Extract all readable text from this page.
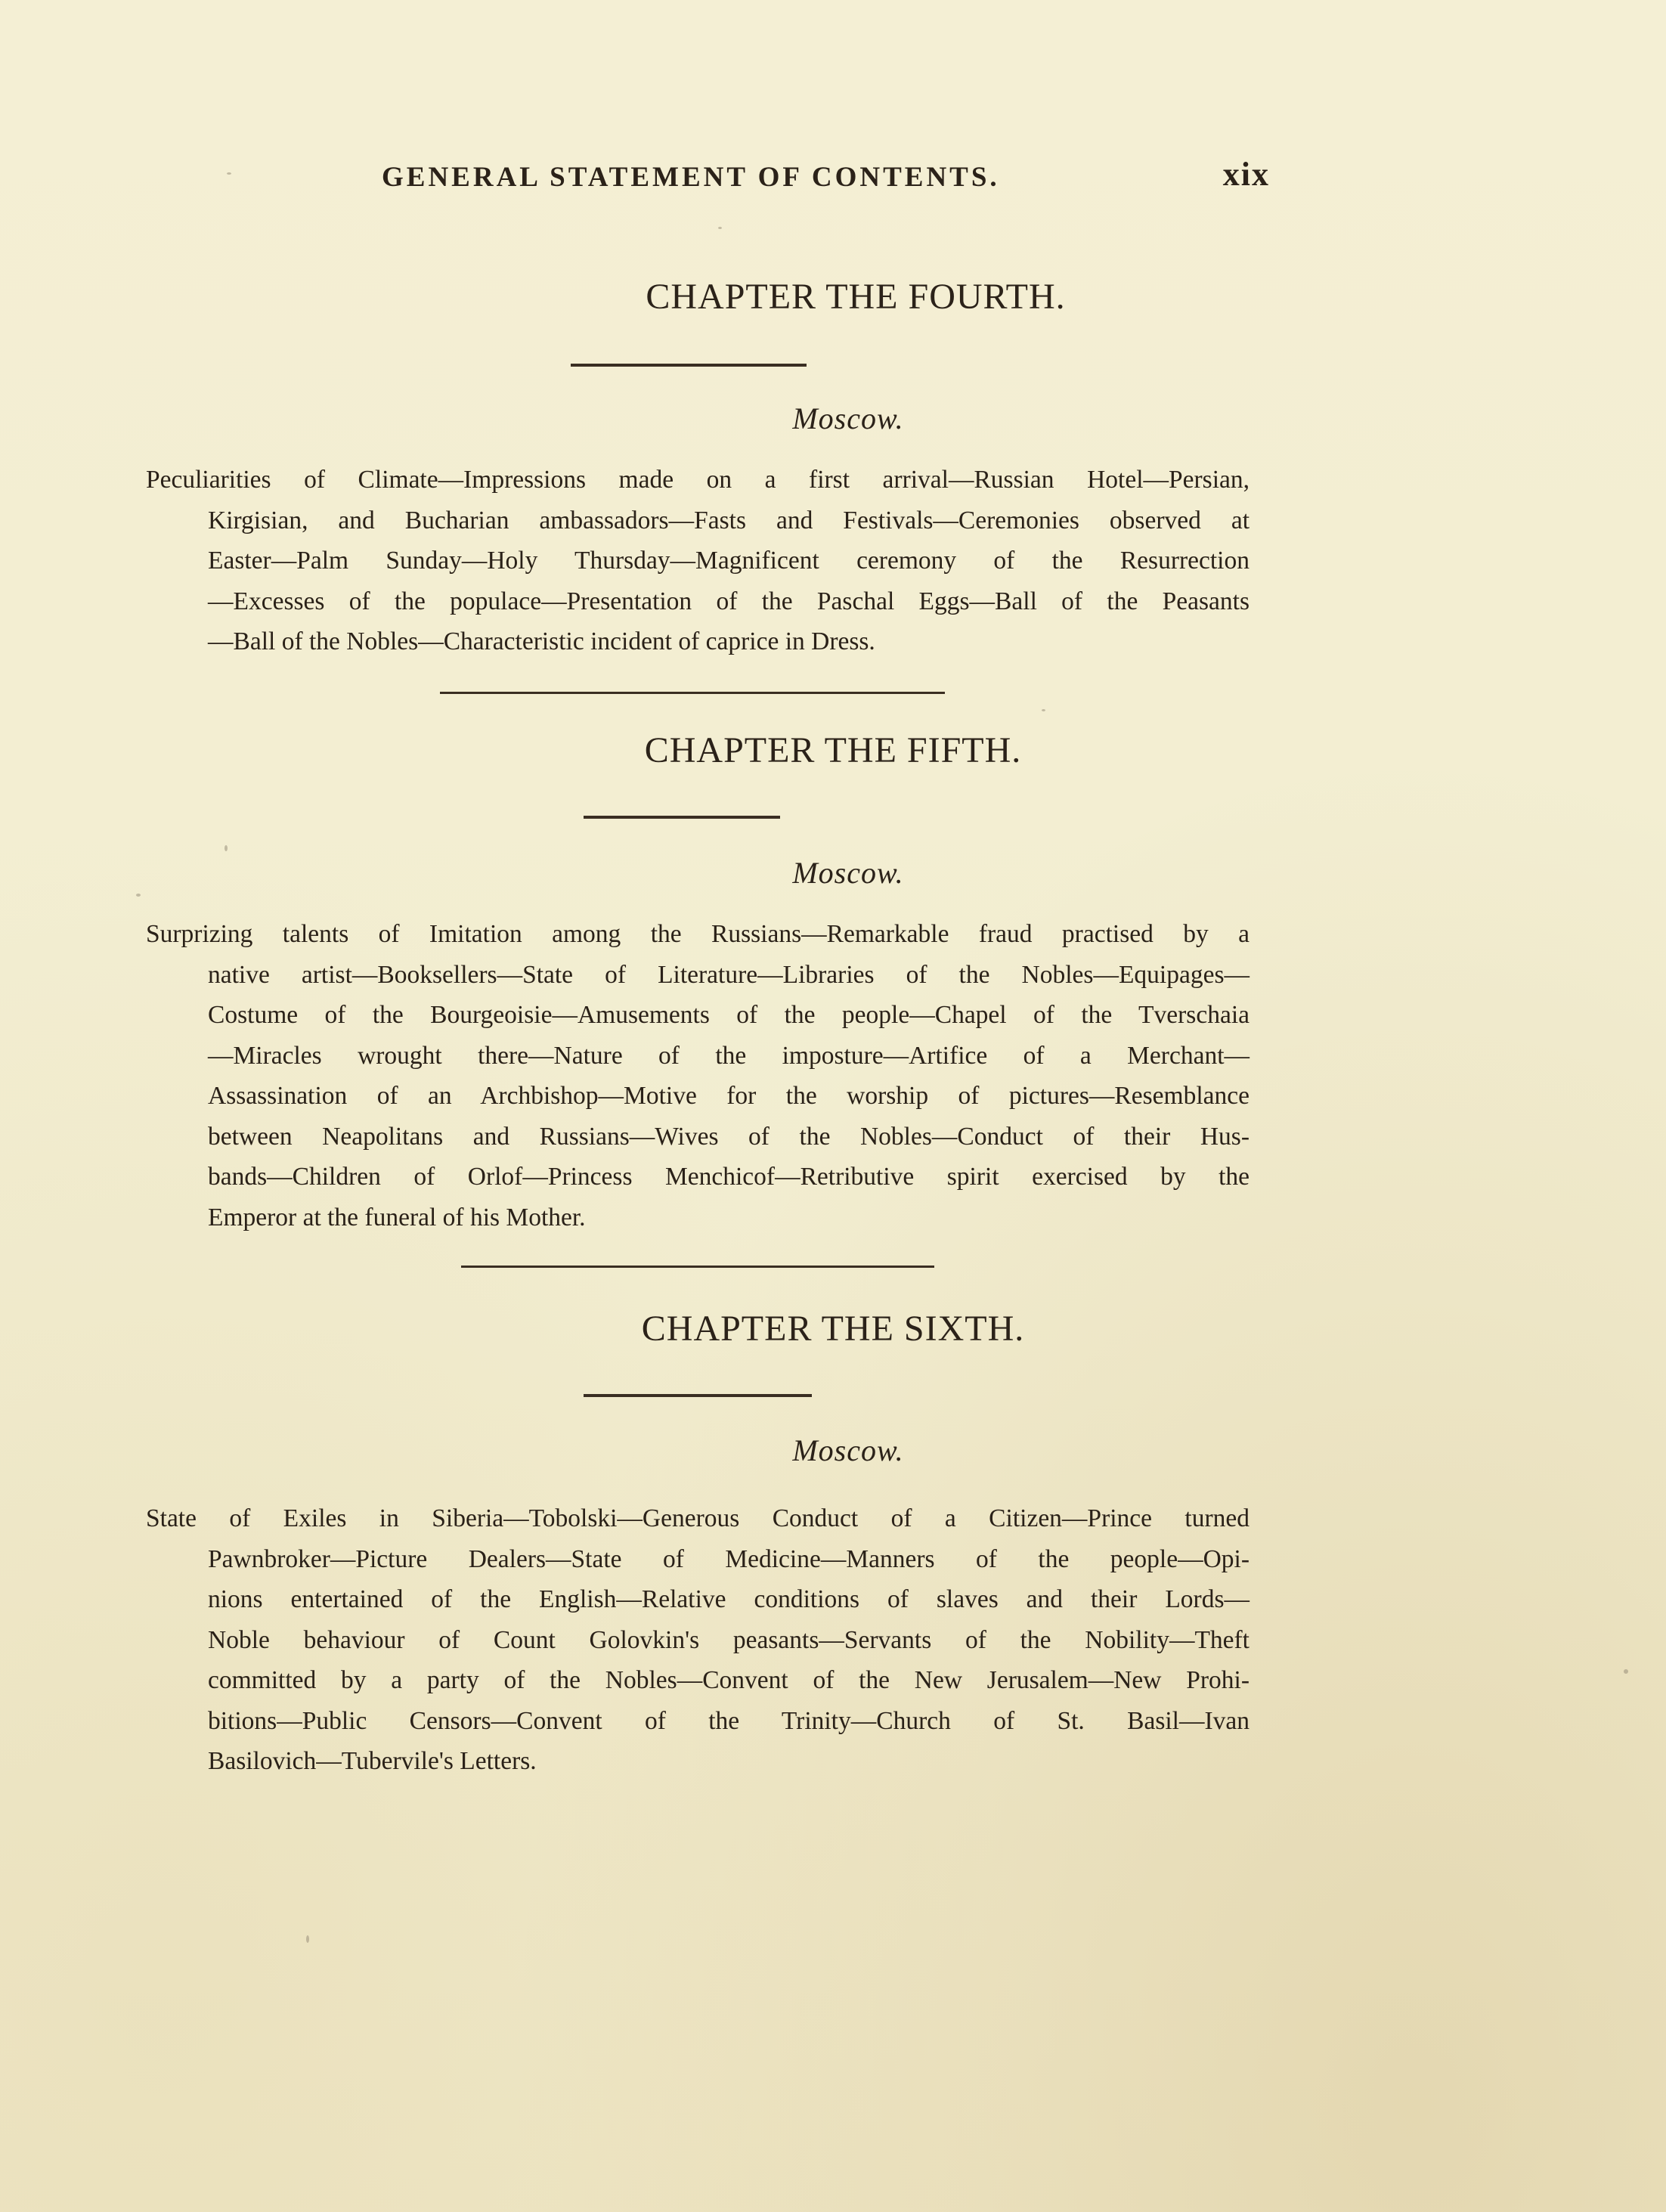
GENERAL STATEMENT OF CONTENTS.	xix
CHAPTER THE FOURTH.
Moscow.
Peculiarities of Climate—Impressions made on a first arrival—Russian Hotel—Persian,
Kirgisian, and Bucharian ambassadors—Fasts and Festivals—Ceremonies observed at
Easter—Palm Sunday—Holy Thursday—Magnificent ceremony of the Resurrection
—Excesses of the populace—Presentation of the Paschal Eggs—Ball of the Peasants
—Ball of the Nobles—Characteristic incident of caprice in Dress.
CHAPTER THE FIFTH.
Moscow.
Surprizing talents of Imitation among the Russians—Remarkable fraud practised by a
native artist—Booksellers—State of Literature—Libraries of the Nobles—Equipages—
Costume of the Bourgeoisie—Amusements of the people—Chapel of the Tverschaia
—Miracles wrought there—Nature of the imposture—Artifice of a Merchant—
Assassination of an Archbishop—Motive for the worship of pictures—Resemblance
between Neapolitans and Russians—Wives of the Nobles—Conduct of their Hus-
bands—Children of Orlof—Princess Menchicof—Retributive spirit exercised by the
Emperor at the funeral of his Mother.
CHAPTER THE SIXTH.
Moscow.
State of Exiles in Siberia—Tobolski—Generous Conduct of a Citizen—Prince turned
Pawnbroker—Picture Dealers—State of Medicine—Manners of the people—Opi-
nions entertained of the English—Relative conditions of slaves and their Lords—
Noble behaviour of Count Golovkin's peasants—Servants of the Nobility—Theft
committed by a party of the Nobles—Convent of the New Jerusalem—New Prohi-
bitions—Public Censors—Convent of the Trinity—Church of St. Basil—Ivan
Basilovich—Tubervile's Letters.
